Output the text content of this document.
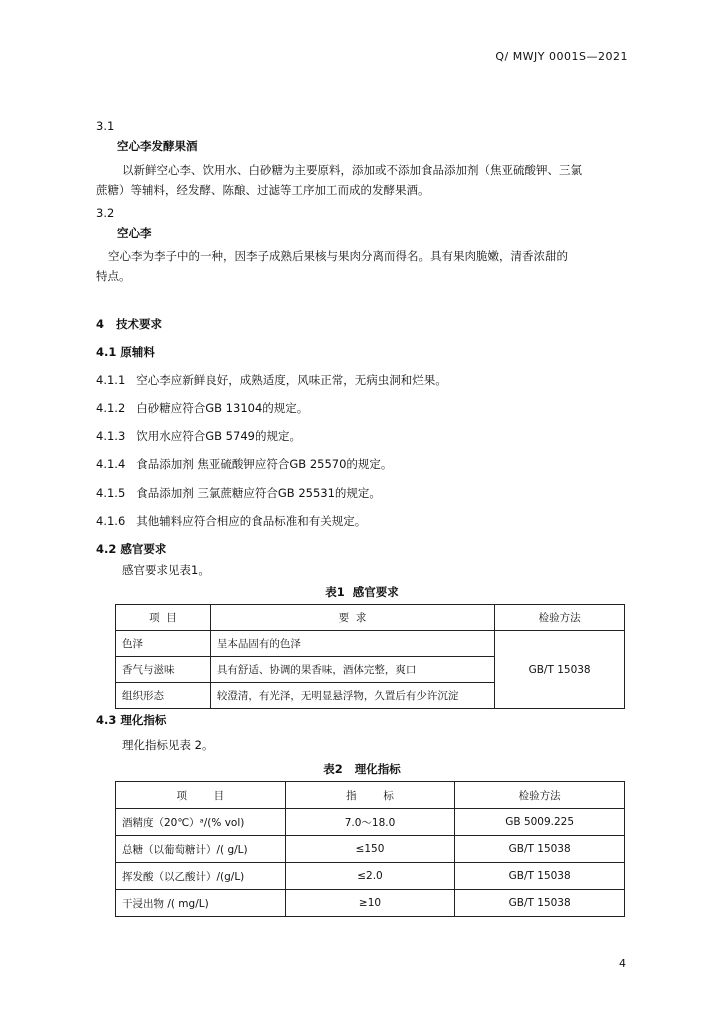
Q/ MWJY 0001S—2021
3.1
空心李发酵果酒
以新鲜空心李、饮用水、白砂糖为主要原料，添加或不添加食品添加剂（焦亚硫酸钾、三氯
蔗糖）等辅料，经发酵、陈酿、过滤等工序加工而成的发酵果酒。
3.2
空心李
空心李为李子中的一种，因李子成熟后果核与果肉分离而得名。具有果肉脆嫩，清香浓甜的
特点。
4   技术要求
4.1 原辅料
4.1.1   空心李应新鲜良好，成熟适度，风味正常，无病虫洞和烂果。
4.1.2   白砂糖应符合GB 13104的规定。
4.1.3   饮用水应符合GB 5749的规定。
4.1.4   食品添加剂 焦亚硫酸钾应符合GB 25570的规定。
4.1.5   食品添加剂 三氯蔗糖应符合GB 25531的规定。
4.1.6   其他辅料应符合相应的食品标准和有关规定。
4.2 感官要求
感官要求见表1。
表1  感官要求
项  目	要  求	检验方法
色泽	呈本品固有的色泽	GB/T 15038
香气与滋味	具有舒适、协调的果香味，酒体完整，爽口	
组织形态	较澄清，有光泽，无明显悬浮物，久置后有少许沉淀	
4.3 理化指标
理化指标见表 2。
表2   理化指标
项        目	指        标	检验方法
酒精度（20℃）ᵃ/(% vol)	7.0～18.0	GB 5009.225
总糖（以葡萄糖计）/( g/L)	≤150	GB/T 15038
挥发酸（以乙酸计）/(g/L)	≤2.0	GB/T 15038
干浸出物 /( mg/L)	≥10	GB/T 15038
4
